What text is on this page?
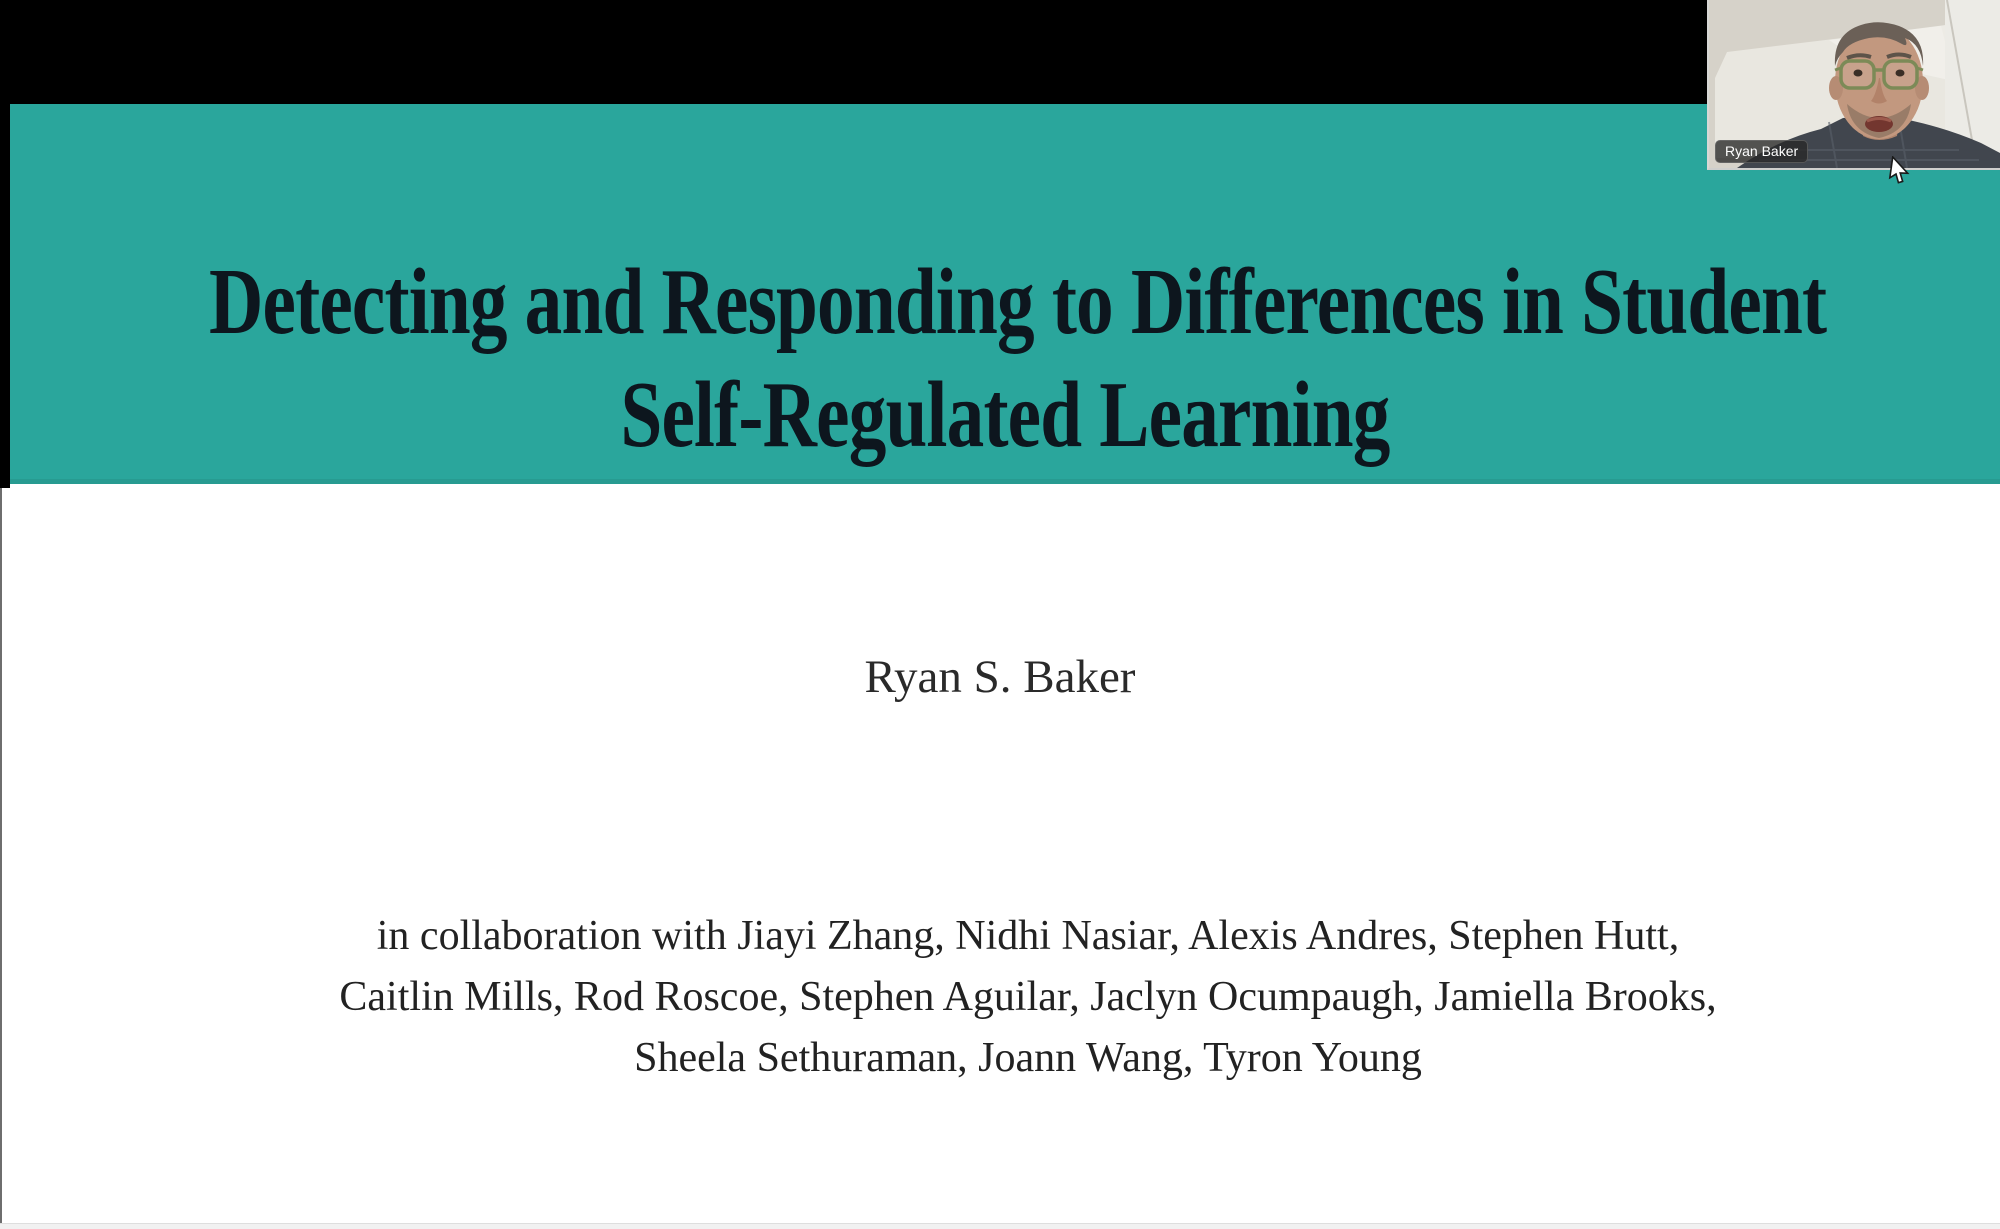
Detecting and Responding to Differences in Student
Self-Regulated Learning
Ryan S. Baker
in collaboration with Jiayi Zhang, Nidhi Nasiar, Alexis Andres, Stephen Hutt,
Caitlin Mills, Rod Roscoe, Stephen Aguilar, Jaclyn Ocumpaugh, Jamiella Brooks,
Sheela Sethuraman, Joann Wang, Tyron Young
Ryan Baker
